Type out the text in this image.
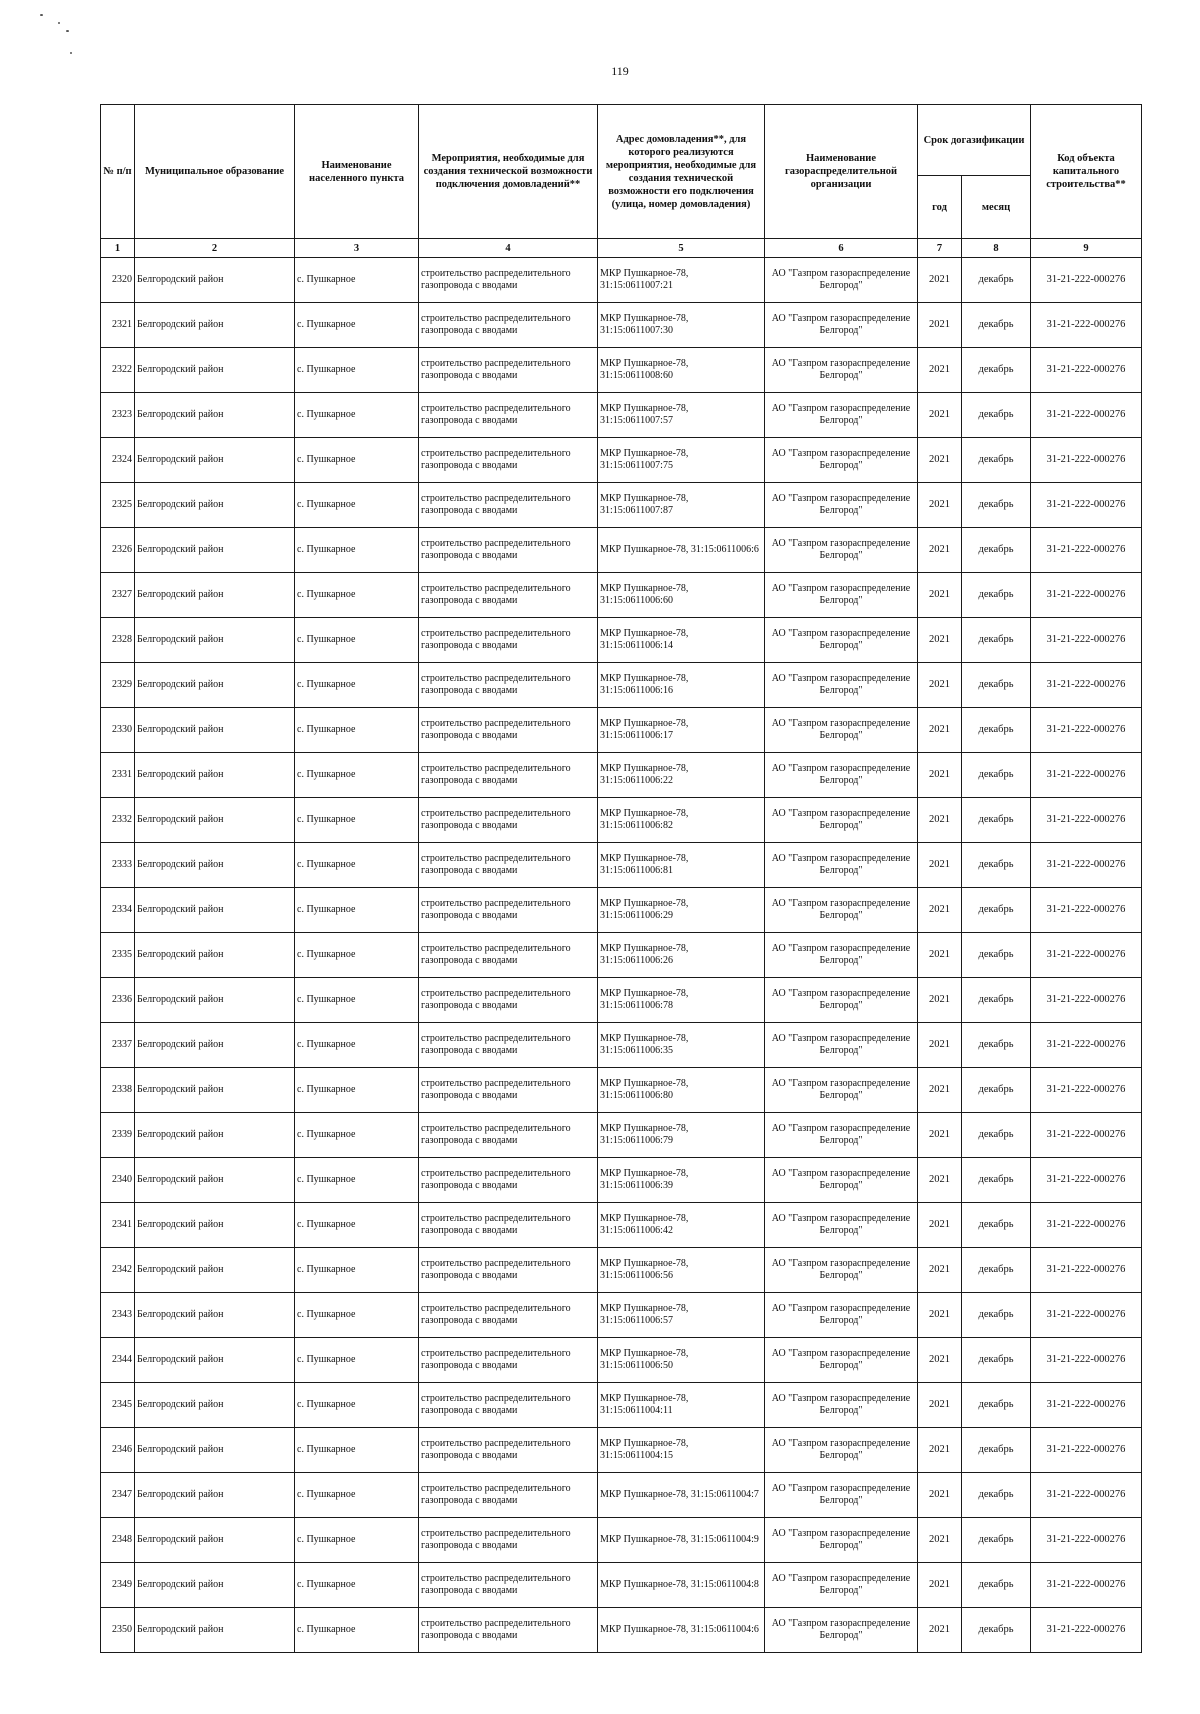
119
№ п/п	Муниципальное образование	Наименование населенного пункта	Мероприятия, необходимые для создания технической возможности подключения домовладений**	Адрес домовладения**, для которого реализуются мероприятия, необходимые для создания технической возможности его подключения (улица, номер домовладения)	Наименование газораспределительной организации	Срок догазификации		Код объекта капитального строительства**
						год	месяц	
1	2	3	4	5	6	7	8	9
2320	Белгородский район	с. Пушкарное	строительство распределительного газопровода с вводами	МКР Пушкарное-78, 31:15:0611007:21	АО "Газпром газораспределение Белгород"	2021	декабрь	31-21-222-000276
2321	Белгородский район	с. Пушкарное	строительство распределительного газопровода с вводами	МКР Пушкарное-78, 31:15:0611007:30	АО "Газпром газораспределение Белгород"	2021	декабрь	31-21-222-000276
2322	Белгородский район	с. Пушкарное	строительство распределительного газопровода с вводами	МКР Пушкарное-78, 31:15:0611008:60	АО "Газпром газораспределение Белгород"	2021	декабрь	31-21-222-000276
2323	Белгородский район	с. Пушкарное	строительство распределительного газопровода с вводами	МКР Пушкарное-78, 31:15:0611007:57	АО "Газпром газораспределение Белгород"	2021	декабрь	31-21-222-000276
2324	Белгородский район	с. Пушкарное	строительство распределительного газопровода с вводами	МКР Пушкарное-78, 31:15:0611007:75	АО "Газпром газораспределение Белгород"	2021	декабрь	31-21-222-000276
2325	Белгородский район	с. Пушкарное	строительство распределительного газопровода с вводами	МКР Пушкарное-78, 31:15:0611007:87	АО "Газпром газораспределение Белгород"	2021	декабрь	31-21-222-000276
2326	Белгородский район	с. Пушкарное	строительство распределительного газопровода с вводами	МКР Пушкарное-78, 31:15:0611006:6	АО "Газпром газораспределение Белгород"	2021	декабрь	31-21-222-000276
2327	Белгородский район	с. Пушкарное	строительство распределительного газопровода с вводами	МКР Пушкарное-78, 31:15:0611006:60	АО "Газпром газораспределение Белгород"	2021	декабрь	31-21-222-000276
2328	Белгородский район	с. Пушкарное	строительство распределительного газопровода с вводами	МКР Пушкарное-78, 31:15:0611006:14	АО "Газпром газораспределение Белгород"	2021	декабрь	31-21-222-000276
2329	Белгородский район	с. Пушкарное	строительство распределительного газопровода с вводами	МКР Пушкарное-78, 31:15:0611006:16	АО "Газпром газораспределение Белгород"	2021	декабрь	31-21-222-000276
2330	Белгородский район	с. Пушкарное	строительство распределительного газопровода с вводами	МКР Пушкарное-78, 31:15:0611006:17	АО "Газпром газораспределение Белгород"	2021	декабрь	31-21-222-000276
2331	Белгородский район	с. Пушкарное	строительство распределительного газопровода с вводами	МКР Пушкарное-78, 31:15:0611006:22	АО "Газпром газораспределение Белгород"	2021	декабрь	31-21-222-000276
2332	Белгородский район	с. Пушкарное	строительство распределительного газопровода с вводами	МКР Пушкарное-78, 31:15:0611006:82	АО "Газпром газораспределение Белгород"	2021	декабрь	31-21-222-000276
2333	Белгородский район	с. Пушкарное	строительство распределительного газопровода с вводами	МКР Пушкарное-78, 31:15:0611006:81	АО "Газпром газораспределение Белгород"	2021	декабрь	31-21-222-000276
2334	Белгородский район	с. Пушкарное	строительство распределительного газопровода с вводами	МКР Пушкарное-78, 31:15:0611006:29	АО "Газпром газораспределение Белгород"	2021	декабрь	31-21-222-000276
2335	Белгородский район	с. Пушкарное	строительство распределительного газопровода с вводами	МКР Пушкарное-78, 31:15:0611006:26	АО "Газпром газораспределение Белгород"	2021	декабрь	31-21-222-000276
2336	Белгородский район	с. Пушкарное	строительство распределительного газопровода с вводами	МКР Пушкарное-78, 31:15:0611006:78	АО "Газпром газораспределение Белгород"	2021	декабрь	31-21-222-000276
2337	Белгородский район	с. Пушкарное	строительство распределительного газопровода с вводами	МКР Пушкарное-78, 31:15:0611006:35	АО "Газпром газораспределение Белгород"	2021	декабрь	31-21-222-000276
2338	Белгородский район	с. Пушкарное	строительство распределительного газопровода с вводами	МКР Пушкарное-78, 31:15:0611006:80	АО "Газпром газораспределение Белгород"	2021	декабрь	31-21-222-000276
2339	Белгородский район	с. Пушкарное	строительство распределительного газопровода с вводами	МКР Пушкарное-78, 31:15:0611006:79	АО "Газпром газораспределение Белгород"	2021	декабрь	31-21-222-000276
2340	Белгородский район	с. Пушкарное	строительство распределительного газопровода с вводами	МКР Пушкарное-78, 31:15:0611006:39	АО "Газпром газораспределение Белгород"	2021	декабрь	31-21-222-000276
2341	Белгородский район	с. Пушкарное	строительство распределительного газопровода с вводами	МКР Пушкарное-78, 31:15:0611006:42	АО "Газпром газораспределение Белгород"	2021	декабрь	31-21-222-000276
2342	Белгородский район	с. Пушкарное	строительство распределительного газопровода с вводами	МКР Пушкарное-78, 31:15:0611006:56	АО "Газпром газораспределение Белгород"	2021	декабрь	31-21-222-000276
2343	Белгородский район	с. Пушкарное	строительство распределительного газопровода с вводами	МКР Пушкарное-78, 31:15:0611006:57	АО "Газпром газораспределение Белгород"	2021	декабрь	31-21-222-000276
2344	Белгородский район	с. Пушкарное	строительство распределительного газопровода с вводами	МКР Пушкарное-78, 31:15:0611006:50	АО "Газпром газораспределение Белгород"	2021	декабрь	31-21-222-000276
2345	Белгородский район	с. Пушкарное	строительство распределительного газопровода с вводами	МКР Пушкарное-78, 31:15:0611004:11	АО "Газпром газораспределение Белгород"	2021	декабрь	31-21-222-000276
2346	Белгородский район	с. Пушкарное	строительство распределительного газопровода с вводами	МКР Пушкарное-78, 31:15:0611004:15	АО "Газпром газораспределение Белгород"	2021	декабрь	31-21-222-000276
2347	Белгородский район	с. Пушкарное	строительство распределительного газопровода с вводами	МКР Пушкарное-78, 31:15:0611004:7	АО "Газпром газораспределение Белгород"	2021	декабрь	31-21-222-000276
2348	Белгородский район	с. Пушкарное	строительство распределительного газопровода с вводами	МКР Пушкарное-78, 31:15:0611004:9	АО "Газпром газораспределение Белгород"	2021	декабрь	31-21-222-000276
2349	Белгородский район	с. Пушкарное	строительство распределительного газопровода с вводами	МКР Пушкарное-78, 31:15:0611004:8	АО "Газпром газораспределение Белгород"	2021	декабрь	31-21-222-000276
2350	Белгородский район	с. Пушкарное	строительство распределительного газопровода с вводами	МКР Пушкарное-78, 31:15:0611004:6	АО "Газпром газораспределение Белгород"	2021	декабрь	31-21-222-000276
